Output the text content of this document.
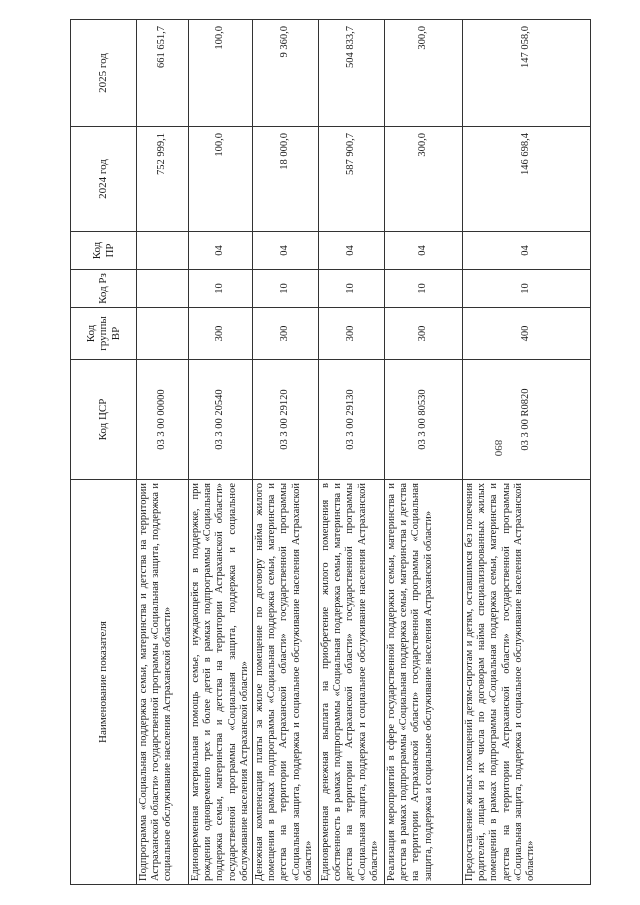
890
Наименование показателя	Код ЦСР	Код группы ВР	Код Рз	Код ПР	2024 год	2025 год
Подпрограмма «Социальная поддержка семьи, материнства и детства на территории Астраханской области» государственной программы «Социальная защита, поддержка и социальное обслуживание населения Астраханской области»	03 3 00 00000				752 999,1	661 651,7
Единовременная материальная помощь семье, нуждающейся в поддержке, при рождении одновременно трех и более детей в рамках подпрограммы «Социальная поддержка семьи, материнства и детства на территории Астраханской области» государственной программы «Социальная защита, поддержка и социальное обслуживание населения Астраханской области»	03 3 00 20540	300	10	04	100,0	100,0
Денежная компенсация платы за жилое помещение по договору найма жилого помещения в рамках подпрограммы «Социальная поддержка семьи, материнства и детства на территории Астраханской области» государственной программы «Социальная защита, поддержка и социальное обслуживание населения Астраханской области»	03 3 00 29120	300	10	04	18 000,0	9 360,0
Единовременная денежная выплата на приобретение жилого помещения в собственность в рамках подпрограммы «Социальная поддержка семьи, материнства и детства на территории Астраханской области» государственной программы «Социальная защита, поддержка и социальное обслуживание населения Астраханской области»	03 3 00 29130	300	10	04	587 900,7	504 833,7
Реализация мероприятий в сфере государственной поддержки семьи, материнства и детства в рамках подпрограммы «Социальная поддержка семьи, материнства и детства на территории Астраханской области» государственной программы «Социальная защита, поддержка и социальное обслуживание населения Астраханской области»	03 3 00 80530	300	10	04	300,0	300,0
Предоставление жилых помещений детям-сиротам и детям, оставшимся без попечения родителей, лицам из их числа по договорам найма специализированных жилых помещений в рамках подпрограммы «Социальная поддержка семьи, материнства и детства на территории Астраханской области» государственной программы «Социальная защита, поддержка и социальное обслуживание населения Астраханской области»	03 3 00 R0820	400	10	04	146 698,4	147 058,0
